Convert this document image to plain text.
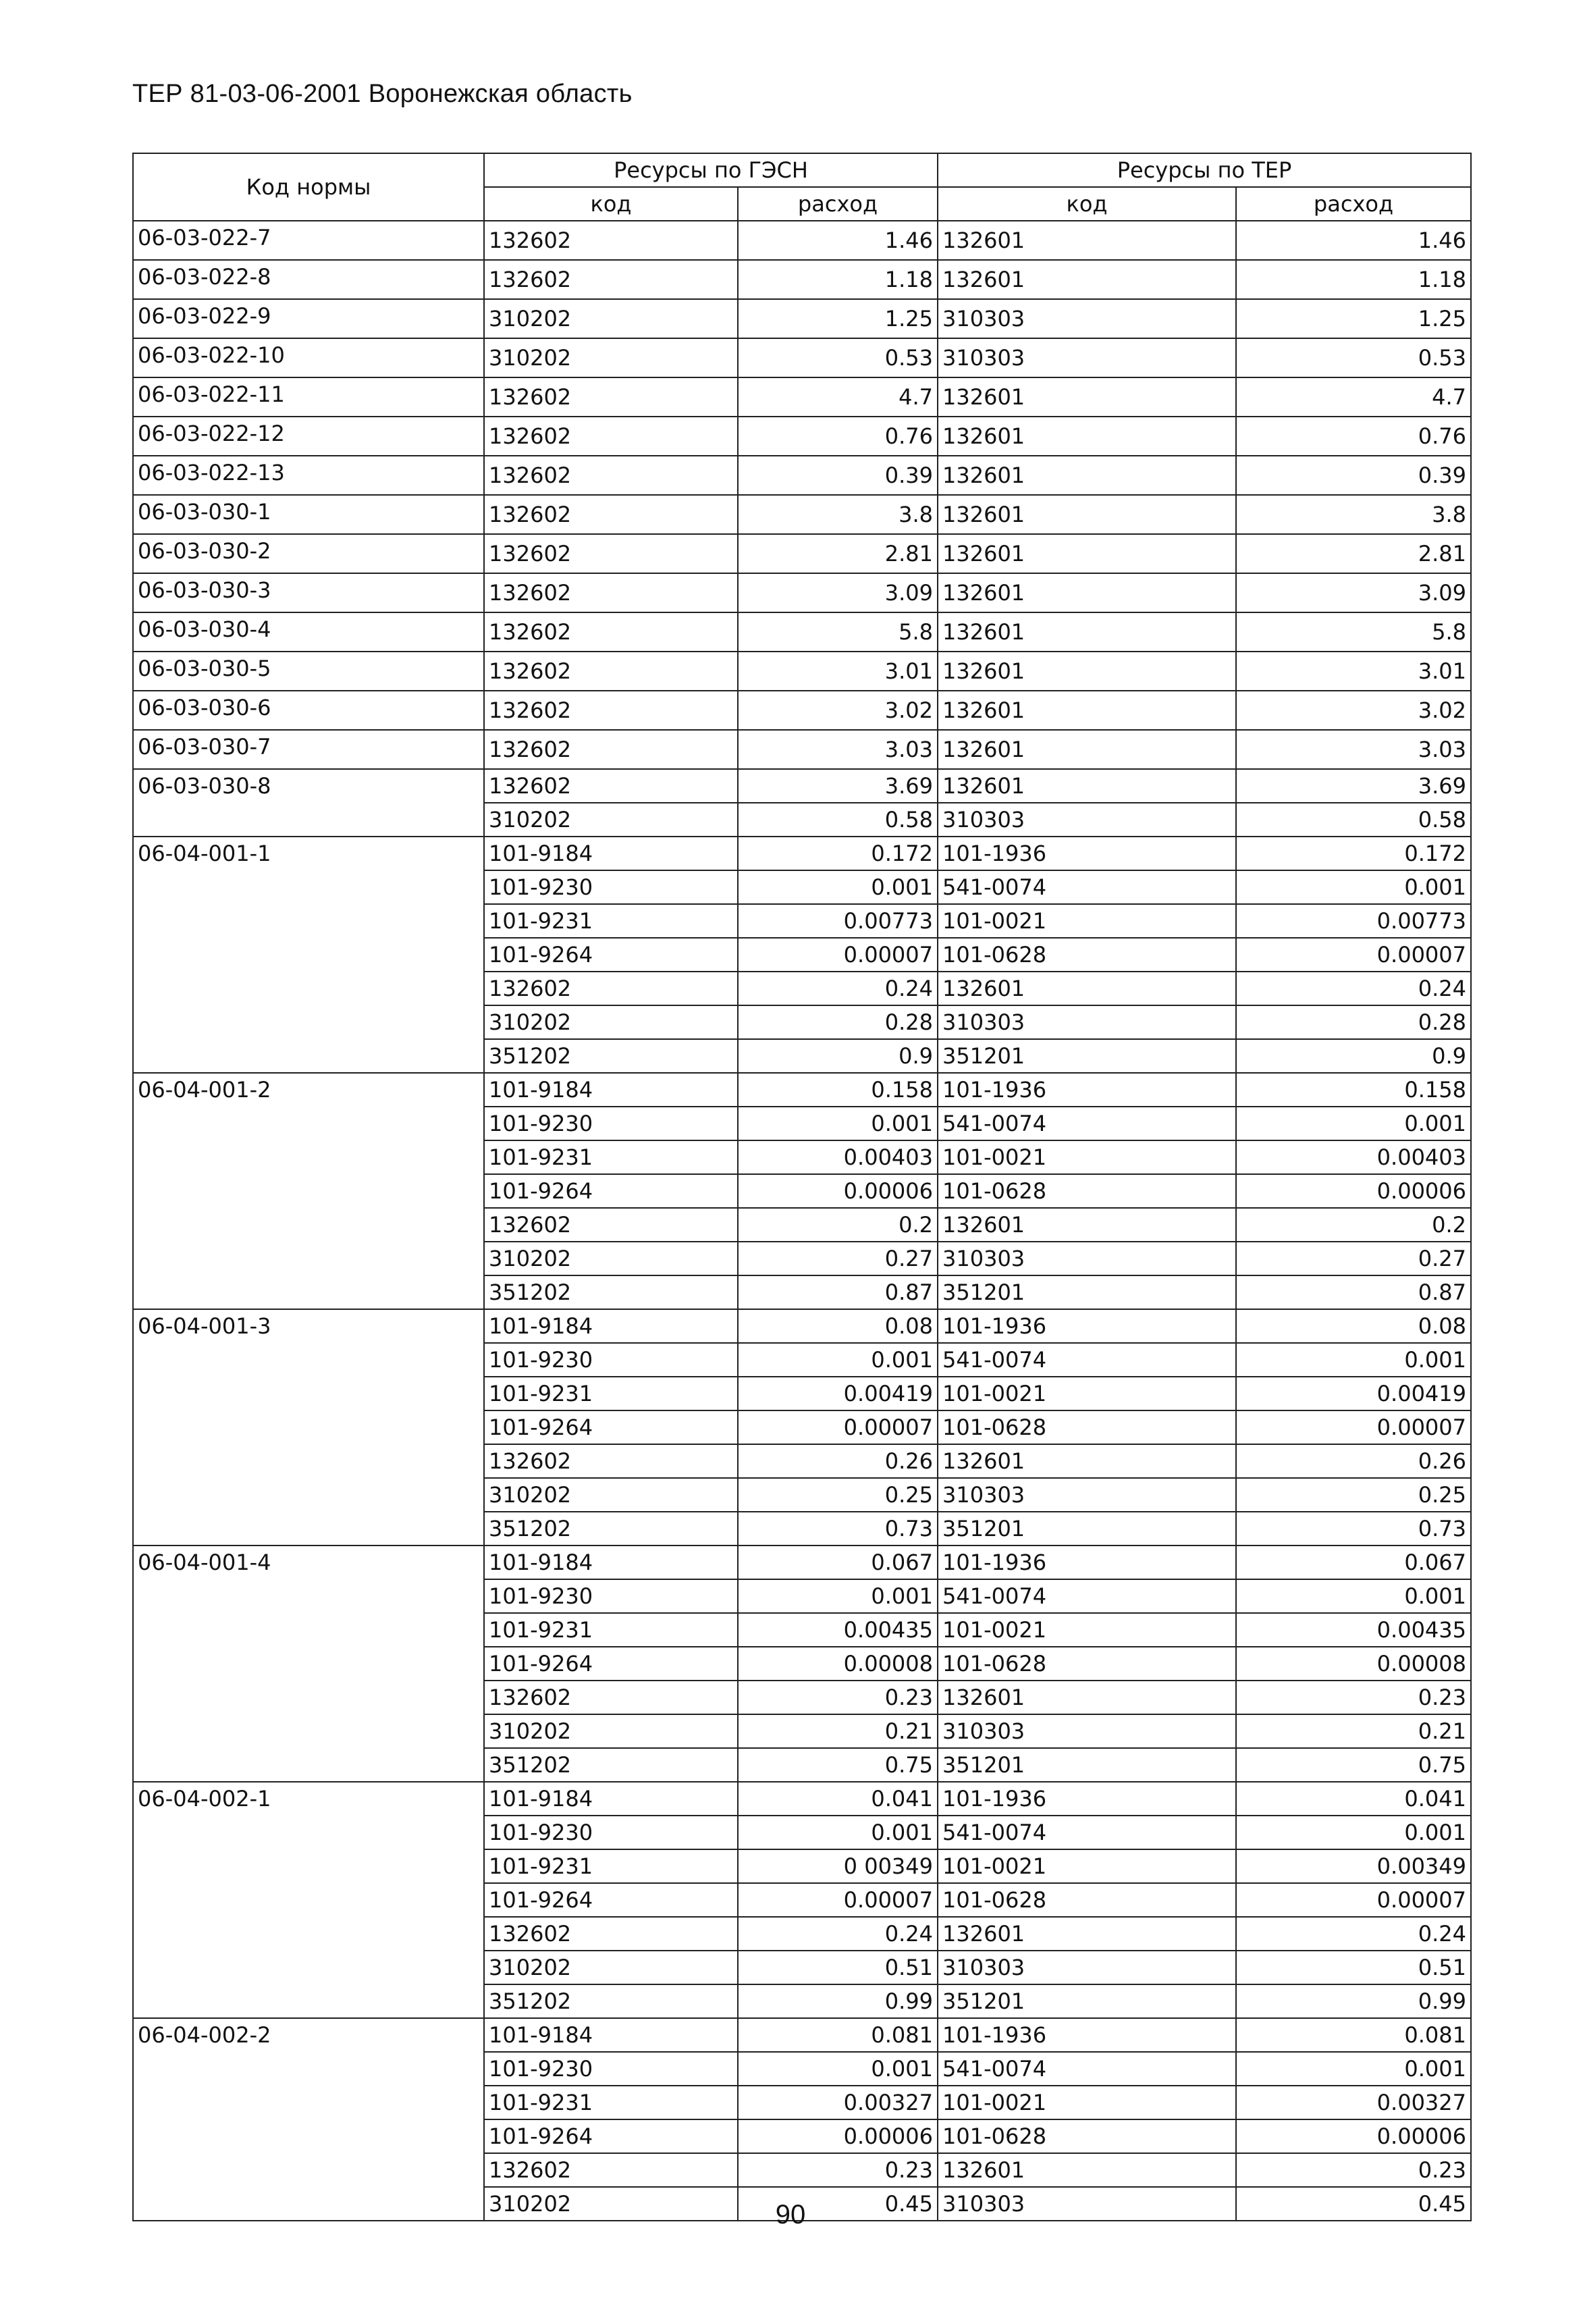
ТЕР 81-03-06-2001 Воронежская область
Код нормы	Ресурсы по ГЭСН		Ресурсы по ТЕР	
	код	расход	код	расход
06-03-022-7	132602	1.46	132601	1.46
06-03-022-8	132602	1.18	132601	1.18
06-03-022-9	310202	1.25	310303	1.25
06-03-022-10	310202	0.53	310303	0.53
06-03-022-11	132602	4.7	132601	4.7
06-03-022-12	132602	0.76	132601	0.76
06-03-022-13	132602	0.39	132601	0.39
06-03-030-1	132602	3.8	132601	3.8
06-03-030-2	132602	2.81	132601	2.81
06-03-030-3	132602	3.09	132601	3.09
06-03-030-4	132602	5.8	132601	5.8
06-03-030-5	132602	3.01	132601	3.01
06-03-030-6	132602	3.02	132601	3.02
06-03-030-7	132602	3.03	132601	3.03
06-03-030-8	132602	3.69	132601	3.69
	310202	0.58	310303	0.58
06-04-001-1	101-9184	0.172	101-1936	0.172
	101-9230	0.001	541-0074	0.001
	101-9231	0.00773	101-0021	0.00773
	101-9264	0.00007	101-0628	0.00007
	132602	0.24	132601	0.24
	310202	0.28	310303	0.28
	351202	0.9	351201	0.9
06-04-001-2	101-9184	0.158	101-1936	0.158
	101-9230	0.001	541-0074	0.001
	101-9231	0.00403	101-0021	0.00403
	101-9264	0.00006	101-0628	0.00006
	132602	0.2	132601	0.2
	310202	0.27	310303	0.27
	351202	0.87	351201	0.87
06-04-001-3	101-9184	0.08	101-1936	0.08
	101-9230	0.001	541-0074	0.001
	101-9231	0.00419	101-0021	0.00419
	101-9264	0.00007	101-0628	0.00007
	132602	0.26	132601	0.26
	310202	0.25	310303	0.25
	351202	0.73	351201	0.73
06-04-001-4	101-9184	0.067	101-1936	0.067
	101-9230	0.001	541-0074	0.001
	101-9231	0.00435	101-0021	0.00435
	101-9264	0.00008	101-0628	0.00008
	132602	0.23	132601	0.23
	310202	0.21	310303	0.21
	351202	0.75	351201	0.75
06-04-002-1	101-9184	0.041	101-1936	0.041
	101-9230	0.001	541-0074	0.001
	101-9231	0 00349	101-0021	0.00349
	101-9264	0.00007	101-0628	0.00007
	132602	0.24	132601	0.24
	310202	0.51	310303	0.51
	351202	0.99	351201	0.99
06-04-002-2	101-9184	0.081	101-1936	0.081
	101-9230	0.001	541-0074	0.001
	101-9231	0.00327	101-0021	0.00327
	101-9264	0.00006	101-0628	0.00006
	132602	0.23	132601	0.23
	310202	0.45	310303	0.45
90
